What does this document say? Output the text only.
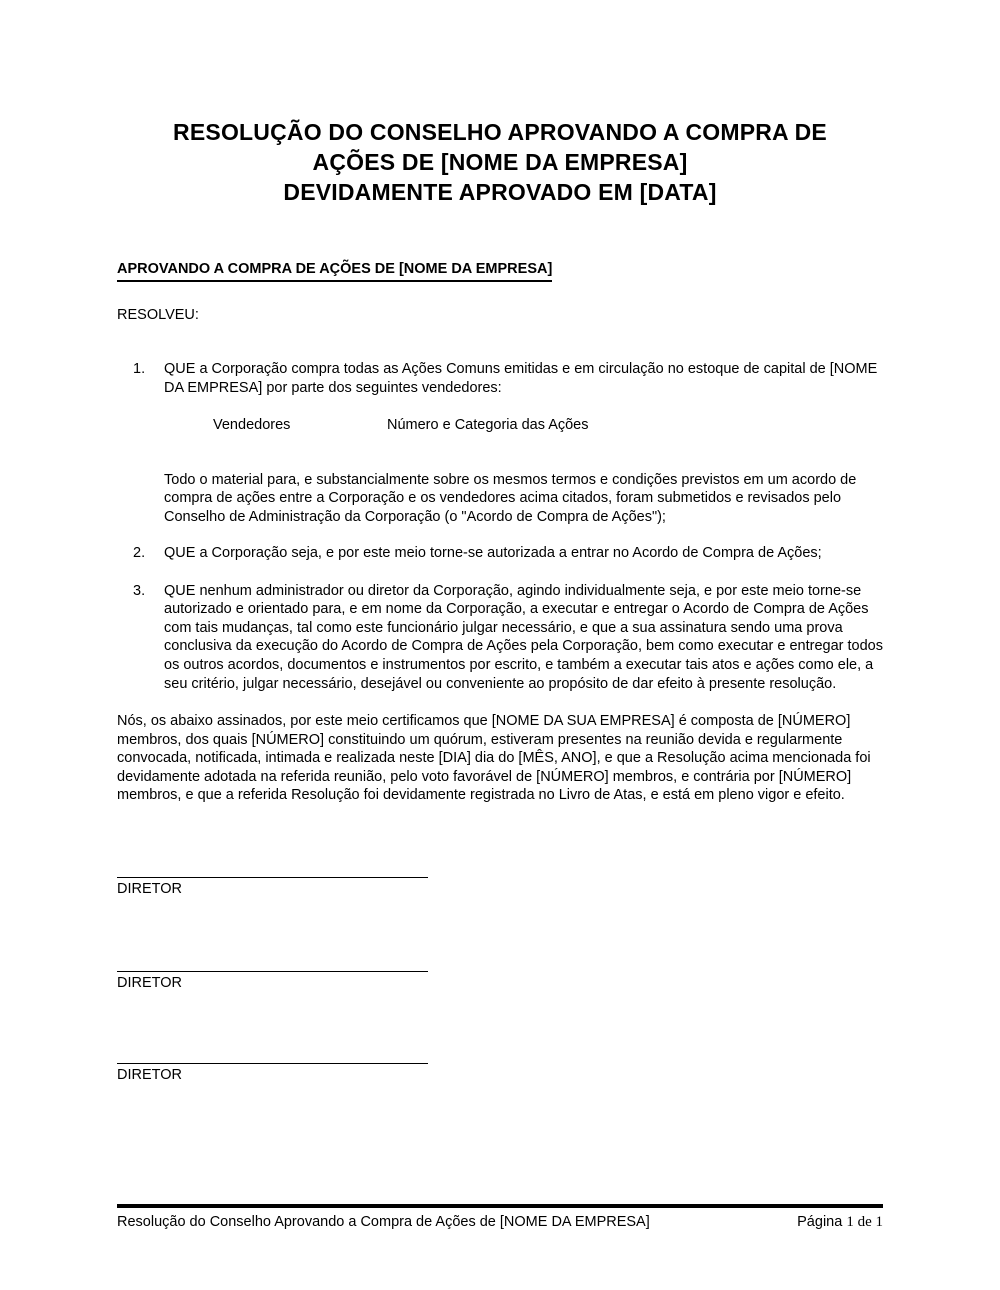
RESOLUÇÃO DO CONSELHO APROVANDO A COMPRA DE
AÇÕES DE [NOME DA EMPRESA]
DEVIDAMENTE APROVADO EM [DATA]
APROVANDO A COMPRA DE AÇÕES DE [NOME DA EMPRESA]
RESOLVEU:
1.	QUE a Corporação compra todas as Ações Comuns emitidas e em circulação no estoque de capital de [NOME DA EMPRESA] por parte dos seguintes vendedores:
Vendedores	Número e Categoria das Ações
Todo o material para, e substancialmente sobre os mesmos termos e condições previstos em um acordo de compra de ações entre a Corporação e os vendedores acima citados, foram submetidos e revisados pelo Conselho de Administração da Corporação (o "Acordo de Compra de Ações");
2.	QUE a Corporação seja, e por este meio torne-se autorizada a entrar no Acordo de Compra de Ações;
3.	QUE nenhum administrador ou diretor da Corporação, agindo individualmente seja, e por este meio torne-se autorizado e orientado para, e em nome da Corporação, a executar e entregar o Acordo de Compra de Ações com tais mudanças, tal como este funcionário julgar necessário, e que a sua assinatura sendo uma prova conclusiva da execução do Acordo de Compra de Ações pela Corporação, bem como executar e entregar todos os outros acordos, documentos e instrumentos por escrito, e também a executar tais atos e ações como ele, a seu critério, julgar necessário, desejável ou conveniente ao propósito de dar efeito à presente resolução.
Nós, os abaixo assinados, por este meio certificamos que [NOME DA SUA EMPRESA] é composta de [NÚMERO] membros, dos quais [NÚMERO] constituindo um quórum, estiveram presentes na reunião devida e regularmente convocada, notificada, intimada e realizada neste [DIA] dia do [MÊS, ANO], e que a Resolução acima mencionada foi devidamente adotada na referida reunião, pelo voto favorável de [NÚMERO] membros, e contrária por [NÚMERO] membros, e que a referida Resolução foi devidamente registrada no Livro de Atas, e está em pleno vigor e efeito.
DIRETOR
DIRETOR
DIRETOR
Resolução do Conselho Aprovando a Compra de Ações de [NOME DA EMPRESA]	Página 1 de 1
